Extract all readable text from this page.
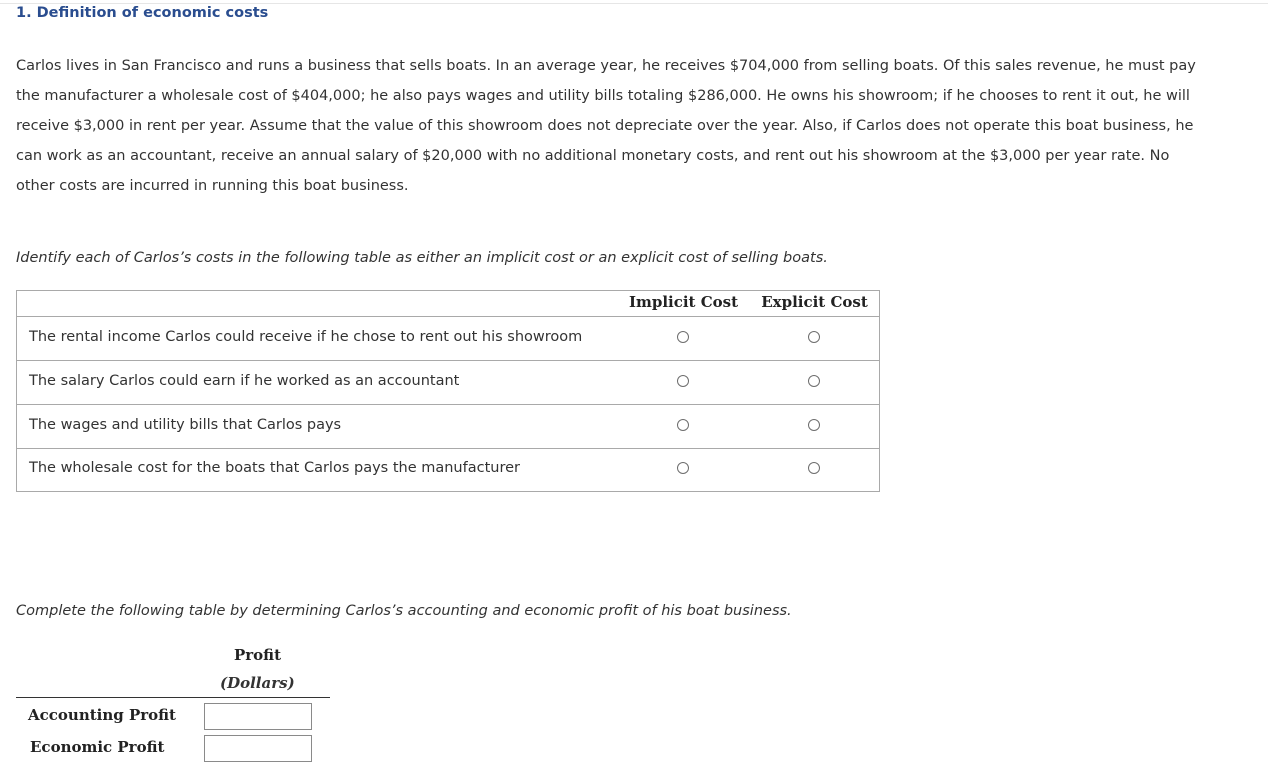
1. Definition of economic costs
Carlos lives in San Francisco and runs a business that sells boats. In an average year, he receives $704,000 from selling boats. Of this sales revenue, he must pay the manufacturer a wholesale cost of $404,000; he also pays wages and utility bills totaling $286,000. He owns his showroom; if he chooses to rent it out, he will receive $3,000 in rent per year. Assume that the value of this showroom does not depreciate over the year. Also, if Carlos does not operate this boat business, he can work as an accountant, receive an annual salary of $20,000 with no additional monetary costs, and rent out his showroom at the $3,000 per year rate. No other costs are incurred in running this boat business.
Identify each of Carlos’s costs in the following table as either an implicit cost or an explicit cost of selling boats.
Implicit Cost	Explicit Cost
The rental income Carlos could receive if he chose to rent out his showroom
The salary Carlos could earn if he worked as an accountant
The wages and utility bills that Carlos pays
The wholesale cost for the boats that Carlos pays the manufacturer
Complete the following table by determining Carlos’s accounting and economic profit of his boat business.
Profit
(Dollars)
Accounting Profit
Economic Profit
